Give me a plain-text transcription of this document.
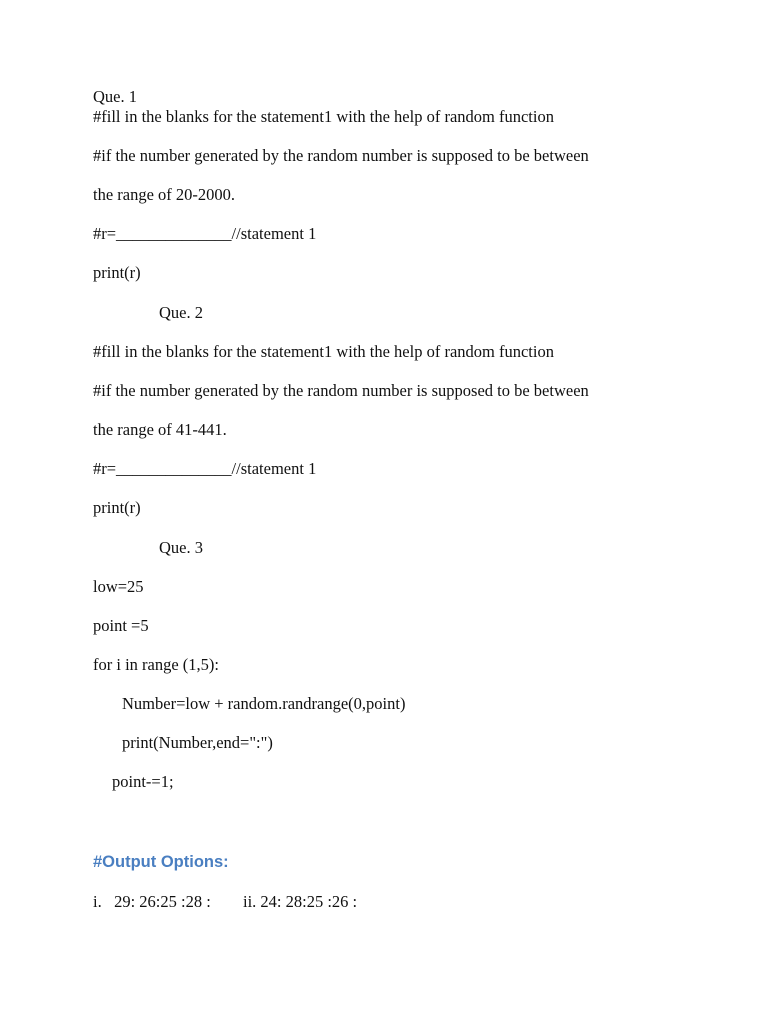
Que. 1
#fill in the blanks for the statement1 with the help of random function
#if the number generated by the random number is supposed to be between
the range of 20-2000.
#r=______________//statement 1
print(r)
Que. 2
#fill in the blanks for the statement1 with the help of random function
#if the number generated by the random number is supposed to be between
the range of 41-441.
#r=______________//statement 1
print(r)
Que. 3
low=25
point =5
for i in range (1,5):
Number=low + random.randrange(0,point)
print(Number,end=":")
point-=1;
#Output Options:
i.   29: 26:25 :28 : ii. 24: 28:25 :26 :
